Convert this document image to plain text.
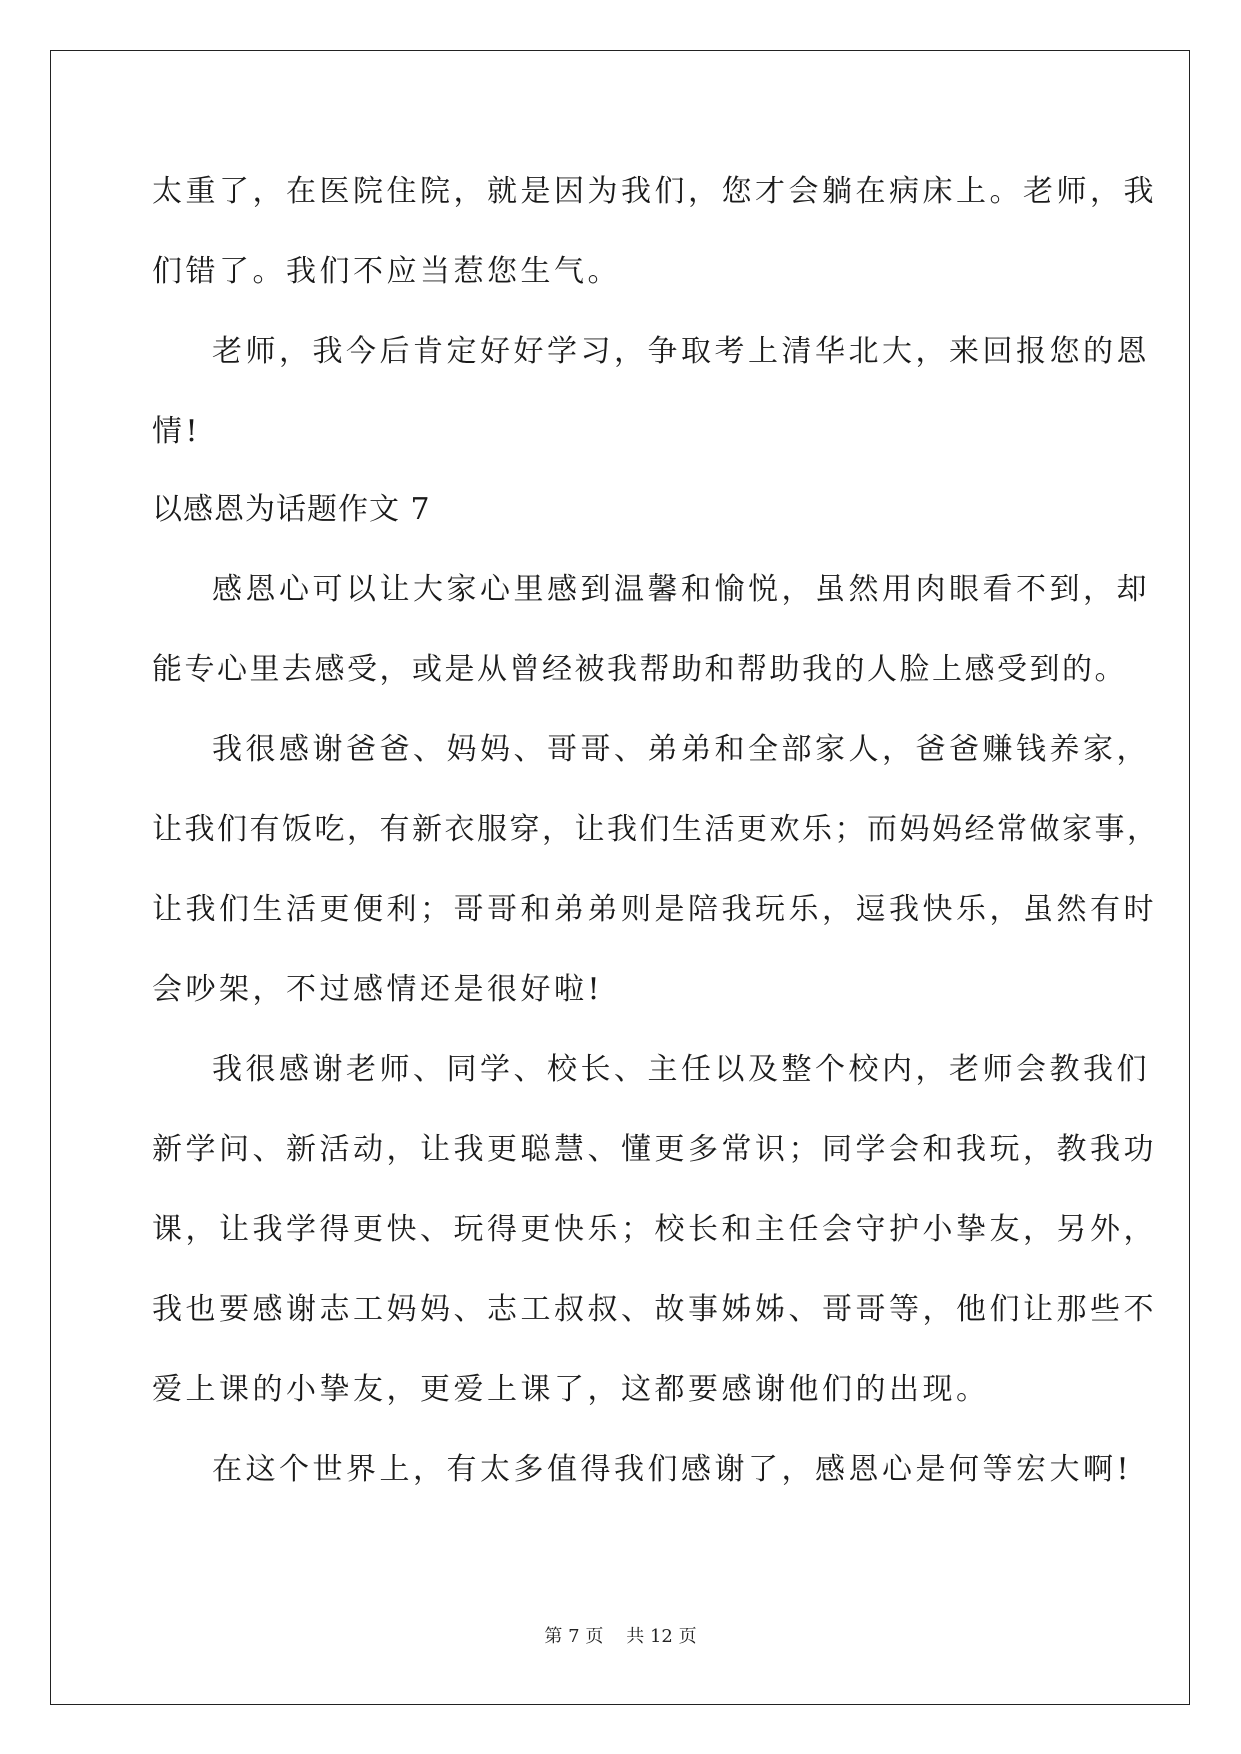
太重了，在医院住院，就是因为我们，您才会躺在病床上。老师，我
们错了。我们不应当惹您生气。
老师，我今后肯定好好学习，争取考上清华北大，来回报您的恩
情!
以感恩为话题作文 7
感恩心可以让大家心里感到温馨和愉悦，虽然用肉眼看不到，却
能专心里去感受，或是从曾经被我帮助和帮助我的人脸上感受到的。
我很感谢爸爸、妈妈、哥哥、弟弟和全部家人，爸爸赚钱养家，
让我们有饭吃，有新衣服穿，让我们生活更欢乐；而妈妈经常做家事，
让我们生活更便利；哥哥和弟弟则是陪我玩乐，逗我快乐，虽然有时
会吵架，不过感情还是很好啦!
我很感谢老师、同学、校长、主任以及整个校内，老师会教我们
新学问、新活动，让我更聪慧、懂更多常识；同学会和我玩，教我功
课，让我学得更快、玩得更快乐；校长和主任会守护小挚友，另外，
我也要感谢志工妈妈、志工叔叔、故事姊姊、哥哥等，他们让那些不
爱上课的小挚友，更爱上课了，这都要感谢他们的出现。
在这个世界上，有太多值得我们感谢了，感恩心是何等宏大啊!
第 7 页 共 12 页
